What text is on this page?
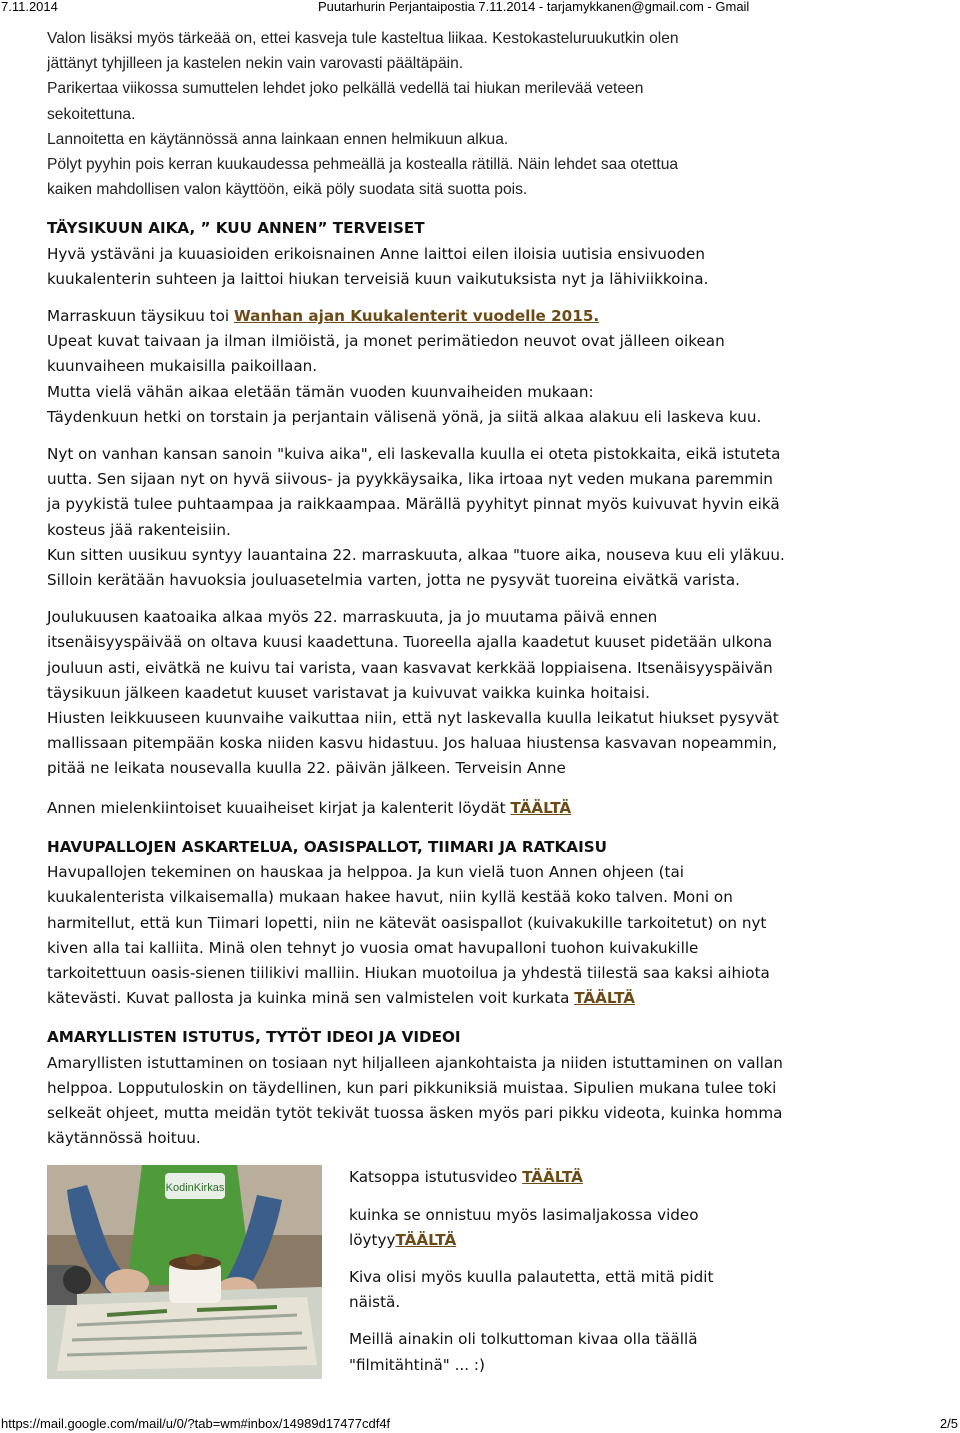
7.11.2014	Puutarhurin Perjantaipostia 7.11.2014 - tarjamykkanen@gmail.com - Gmail

Valon lisäksi myös tärkeää on, ettei kasveja tule kasteltua liikaa. Kestokasteluruukutkin olen

jättänyt tyhjilleen ja kastelen nekin vain varovasti päältäpäin.

Parikertaa viikossa sumuttelen lehdet joko pelkällä vedellä tai hiukan merilevää veteen

sekoitettuna.

Lannoitetta en käytännössä anna lainkaan ennen helmikuun alkua.

Pölyt pyyhin pois kerran kuukaudessa pehmeällä ja kostealla rätillä. Näin lehdet saa otettua

kaiken mahdollisen valon käyttöön, eikä pöly suodata sitä suotta pois.

TÄYSIKUUN AIKA, ” KUU ANNEN” TERVEISET

Hyvä ystäväni ja kuuasioiden erikoisnainen Anne laittoi eilen iloisia uutisia ensivuoden

kuukalenterin suhteen ja laittoi hiukan terveisiä kuun vaikutuksista nyt ja lähiviikkoina.

Marraskuun täysikuu toi Wanhan ajan Kuukalenterit vuodelle 2015.

Upeat kuvat taivaan ja ilman ilmiöistä, ja monet perimätiedon neuvot ovat jälleen oikean

kuunvaiheen mukaisilla paikoillaan.

Mutta vielä vähän aikaa eletään tämän vuoden kuunvaiheiden mukaan:

Täydenkuun hetki on torstain ja perjantain välisenä yönä, ja siitä alkaa alakuu eli laskeva kuu.

Nyt on vanhan kansan sanoin "kuiva aika", eli laskevalla kuulla ei oteta pistokkaita, eikä istuteta

uutta. Sen sijaan nyt on hyvä siivous- ja pyykkäysaika, lika irtoaa nyt veden mukana paremmin

ja pyykistä tulee puhtaampaa ja raikkaampaa. Märällä pyyhityt pinnat myös kuivuvat hyvin eikä

kosteus jää rakenteisiin.

Kun sitten uusikuu syntyy lauantaina 22. marraskuuta, alkaa "tuore aika, nouseva kuu eli yläkuu.

Silloin kerätään havuoksia jouluasetelmia varten, jotta ne pysyvät tuoreina eivätkä varista.

Joulukuusen kaatoaika alkaa myös 22. marraskuuta, ja jo muutama päivä ennen

itsenäisyyspäivää on oltava kuusi kaadettuna. Tuoreella ajalla kaadetut kuuset pidetään ulkona

jouluun asti, eivätkä ne kuivu tai varista, vaan kasvavat kerkkää loppiaisena. Itsenäisyyspäivän

täysikuun jälkeen kaadetut kuuset varistavat ja kuivuvat vaikka kuinka hoitaisi.

Hiusten leikkuuseen kuunvaihe vaikuttaa niin, että nyt laskevalla kuulla leikatut hiukset pysyvät

mallissaan pitempään koska niiden kasvu hidastuu. Jos haluaa hiustensa kasvavan nopeammin,

pitää ne leikata nousevalla kuulla 22. päivän jälkeen. Terveisin Anne

Annen mielenkiintoiset kuuaiheiset kirjat ja kalenterit löydät TÄÄLTÄ

HAVUPALLOJEN ASKARTELUA, OASISPALLOT, TIIMARI JA RATKAISU

Havupallojen tekeminen on hauskaa ja helppoa. Ja kun vielä tuon Annen ohjeen (tai

kuukalenterista vilkaisemalla) mukaan hakee havut, niin kyllä kestää koko talven. Moni on

harmitellut, että kun Tiimari lopetti, niin ne kätevät oasispallot (kuivakukille tarkoitetut) on nyt

kiven alla tai kalliita. Minä olen tehnyt jo vuosia omat havupalloni tuohon kuivakukille

tarkoitettuun oasis-sienen tiilikivi malliin. Hiukan muotoilua ja yhdestä tiilestä saa kaksi aihiota

kätevästi. Kuvat pallosta ja kuinka minä sen valmistelen voit kurkata TÄÄLTÄ

AMARYLLISTEN ISTUTUS, TYTÖT IDEOI JA VIDEOI

Amaryllisten istuttaminen on tosiaan nyt hiljalleen ajankohtaista ja niiden istuttaminen on vallan

helppoa. Lopputuloskin on täydellinen, kun pari pikkuniksiä muistaa. Sipulien mukana tulee toki

selkeät ohjeet, mutta meidän tytöt tekivät tuossa äsken myös pari pikku videota, kuinka homma

käytännössä hoituu.

KodinKirkas

Katsoppa istutusvideo TÄÄLTÄ

kuinka se onnistuu myös lasimaljakossa video

löytyyTÄÄLTÄ

Kiva olisi myös kuulla palautetta, että mitä pidit näistä.

Meillä ainakin oli tolkuttoman kivaa olla täällä

"filmitähtinä" ... :)

https://mail.google.com/mail/u/0/?tab=wm#inbox/14989d17477cdf4f	2/5
